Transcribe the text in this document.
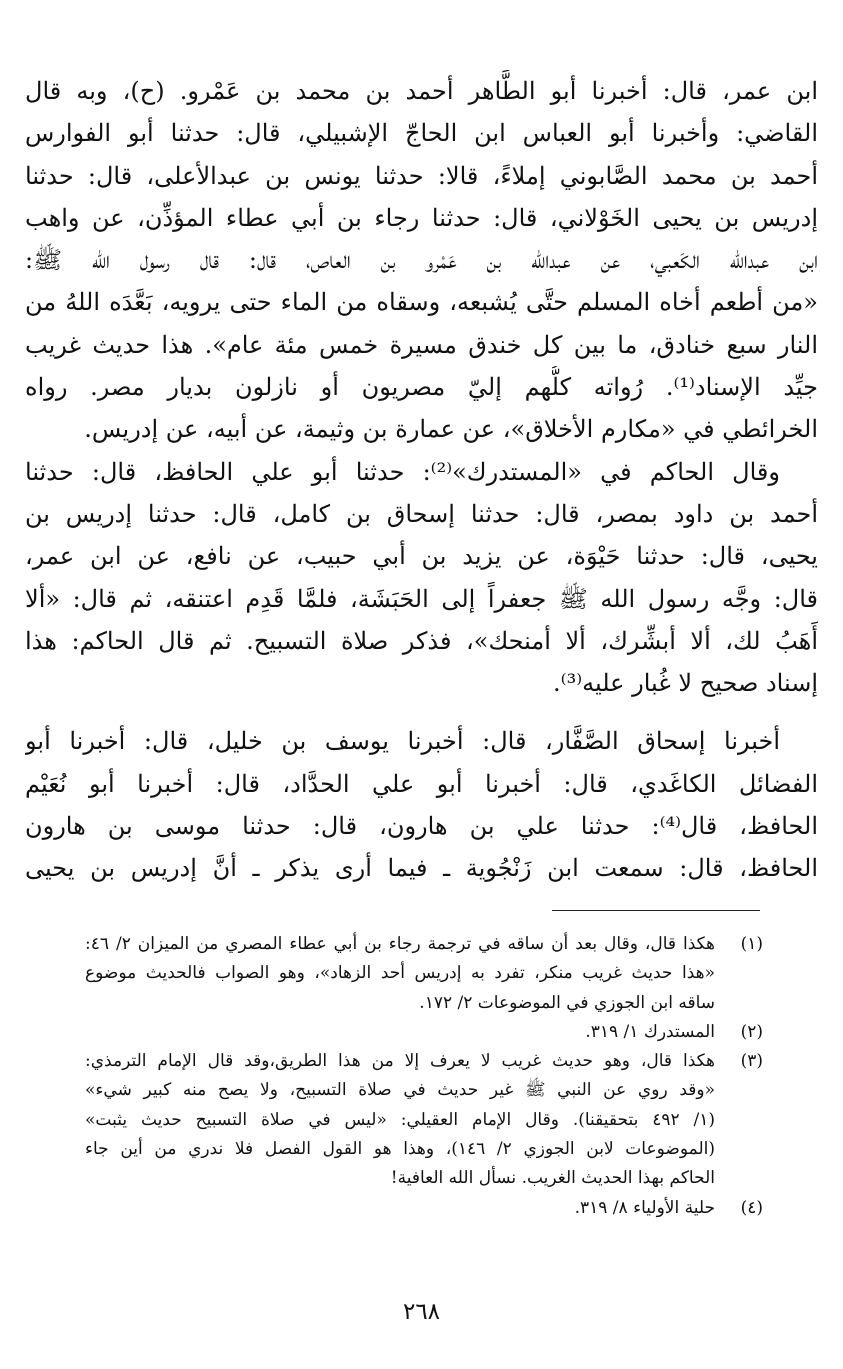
ابن عمر، قال: أخبرنا أبو الطَّاهر أحمد بن محمد بن عَمْرو. (ح)، وبه قال
القاضي: وأخبرنا أبو العباس ابن الحاجّ الإشبيلي، قال: حدثنا أبو الفوارس
أحمد بن محمد الصَّابوني إملاءً، قالا: حدثنا يونس بن عبدالأعلى، قال: حدثنا
إدريس بن يحيى الخَوْلاني، قال: حدثنا رجاء بن أبي عطاء المؤذِّن، عن واهب
ابن عبدالله الكَعبي، عن عبدالله بن عَمْرو بن العاص، قال: قال رسول الله ﷺ:
«من أطعم أخاه المسلم حتَّى يُشبعه، وسقاه من الماء حتى يرويه، بَعَّدَه اللهُ من
النار سبع خنادق، ما بين كل خندق مسيرة خمس مئة عام». هذا حديث غريب
جيِّد الإسناد⁽¹⁾. رُواته كلُّهم إليّ مصريون أو نازلون بديار مصر. رواه
الخرائطي في «مكارم الأخلاق»، عن عمارة بن وثيمة، عن أبيه، عن إدريس.
وقال الحاكم في «المستدرك»⁽²⁾: حدثنا أبو علي الحافظ، قال: حدثنا
أحمد بن داود بمصر، قال: حدثنا إسحاق بن كامل، قال: حدثنا إدريس بن
يحيى، قال: حدثنا حَيْوَة، عن يزيد بن أبي حبيب، عن نافع، عن ابن عمر،
قال: وجَّه رسول الله ﷺ جعفراً إلى الحَبَشَة، فلمَّا قَدِم اعتنقه، ثم قال: «ألا
أَهَبُ لك، ألا أبشِّرك، ألا أمنحك»، فذكر صلاة التسبيح. ثم قال الحاكم: هذا
إسناد صحيح لا غُبار عليه⁽³⁾.
أخبرنا إسحاق الصَّفَّار، قال: أخبرنا يوسف بن خليل، قال: أخبرنا أبو
الفضائل الكاغَدي، قال: أخبرنا أبو علي الحدَّاد، قال: أخبرنا أبو نُعَيْم
الحافظ، قال⁽⁴⁾: حدثنا علي بن هارون، قال: حدثنا موسى بن هارون
الحافظ، قال: سمعت ابن زَنْجُوية ـ فيما أرى يذكر ـ أنَّ إدريس بن يحيى
(١)
هكذا قال، وقال بعد أن ساقه في ترجمة رجاء بن أبي عطاء المصري من الميزان ٢/ ٤٦:
«هذا حديث غريب منكر، تفرد به إدريس أحد الزهاد»، وهو الصواب فالحديث موضوع
ساقه ابن الجوزي في الموضوعات ٢/ ١٧٢.
(٢)
المستدرك ١/ ٣١٩.
(٣)
هكذا قال، وهو حديث غريب لا يعرف إلا من هذا الطريق،وقد قال الإمام الترمذي:
«وقد روي عن النبي ﷺ غير حديث في صلاة التسبيح، ولا يصح منه كبير شيء»
(١/ ٤٩٢ بتحقيقنا). وقال الإمام العقيلي: «ليس في صلاة التسبيح حديث يثبت»
(الموضوعات لابن الجوزي ٢/ ١٤٦)، وهذا هو القول الفصل فلا ندري من أين جاء
الحاكم بهذا الحديث الغريب. نسأل الله العافية!
(٤)
حلية الأولياء ٨/ ٣١٩.
٢٦٨
